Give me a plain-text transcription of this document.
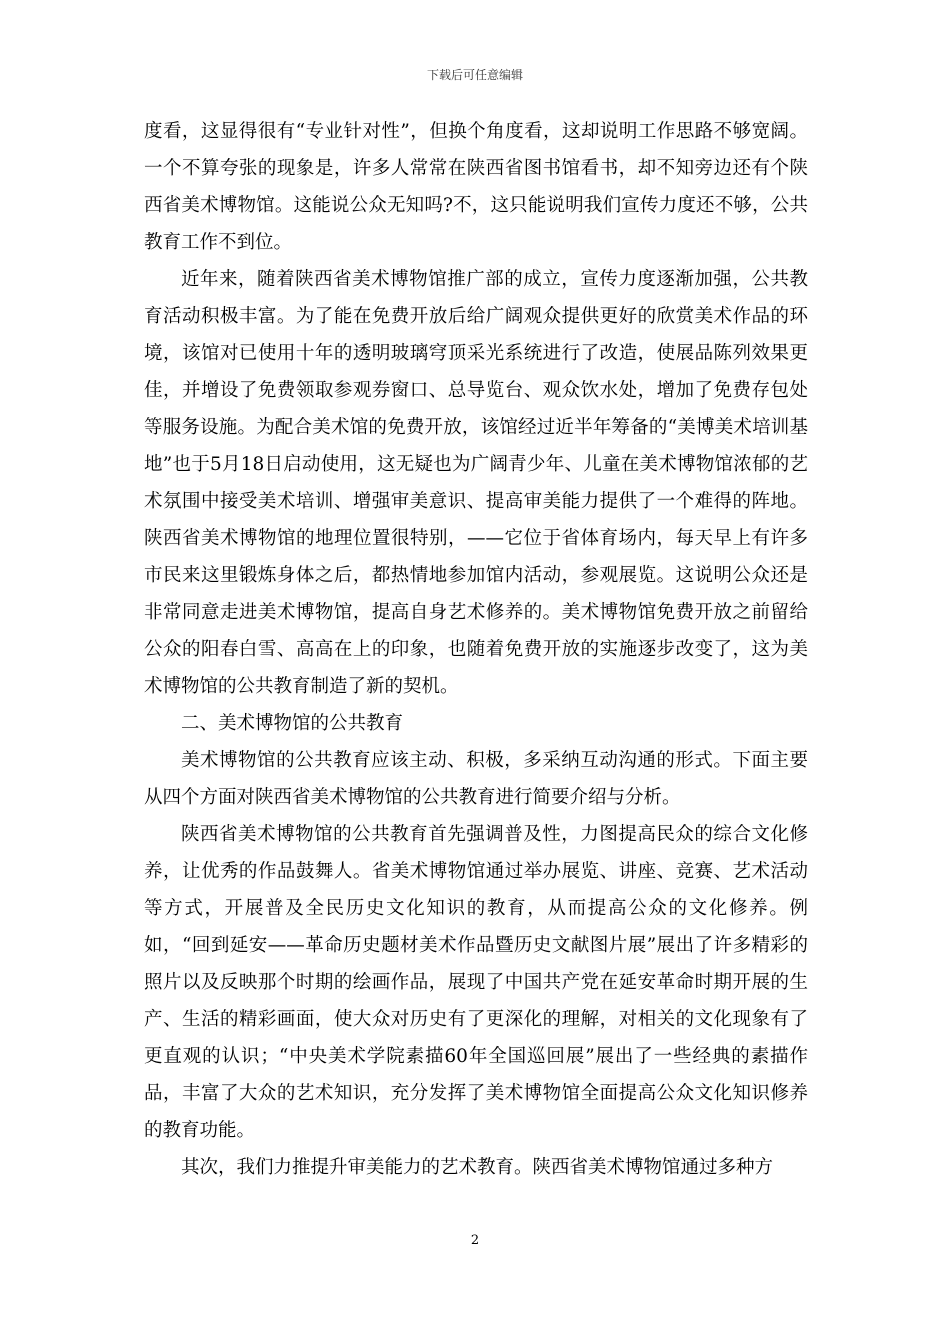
下载后可任意编辑

度看，这显得很有“专业针对性”，但换个角度看，这却说明工作思路不够宽阔。一个不算夸张的现象是，许多人常常在陕西省图书馆看书，却不知旁边还有个陕西省美术博物馆。这能说公众无知吗?不，这只能说明我们宣传力度还不够，公共教育工作不到位。

近年来，随着陕西省美术博物馆推广部的成立，宣传力度逐渐加强，公共教育活动积极丰富。为了能在免费开放后给广阔观众提供更好的欣赏美术作品的环境，该馆对已使用十年的透明玻璃穹顶采光系统进行了改造，使展品陈列效果更佳，并增设了免费领取参观券窗口、总导览台、观众饮水处，增加了免费存包处等服务设施。为配合美术馆的免费开放，该馆经过近半年筹备的“美博美术培训基地”也于5月18日启动使用，这无疑也为广阔青少年、儿童在美术博物馆浓郁的艺术氛围中接受美术培训、增强审美意识、提高审美能力提供了一个难得的阵地。陕西省美术博物馆的地理位置很特别，——它位于省体育场内，每天早上有许多市民来这里锻炼身体之后，都热情地参加馆内活动，参观展览。这说明公众还是非常同意走进美术博物馆，提高自身艺术修养的。美术博物馆免费开放之前留给公众的阳春白雪、高高在上的印象，也随着免费开放的实施逐步改变了，这为美术博物馆的公共教育制造了新的契机。

二、美术博物馆的公共教育

美术博物馆的公共教育应该主动、积极，多采纳互动沟通的形式。下面主要从四个方面对陕西省美术博物馆的公共教育进行简要介绍与分析。

陕西省美术博物馆的公共教育首先强调普及性，力图提高民众的综合文化修养，让优秀的作品鼓舞人。省美术博物馆通过举办展览、讲座、竞赛、艺术活动等方式，开展普及全民历史文化知识的教育，从而提高公众的文化修养。例如，“回到延安——革命历史题材美术作品暨历史文献图片展”展出了许多精彩的照片以及反映那个时期的绘画作品，展现了中国共产党在延安革命时期开展的生产、生活的精彩画面，使大众对历史有了更深化的理解，对相关的文化现象有了更直观的认识；“中央美术学院素描60年全国巡回展”展出了一些经典的素描作品，丰富了大众的艺术知识，充分发挥了美术博物馆全面提高公众文化知识修养的教育功能。

其次，我们力推提升审美能力的艺术教育。陕西省美术博物馆通过多种方

2
